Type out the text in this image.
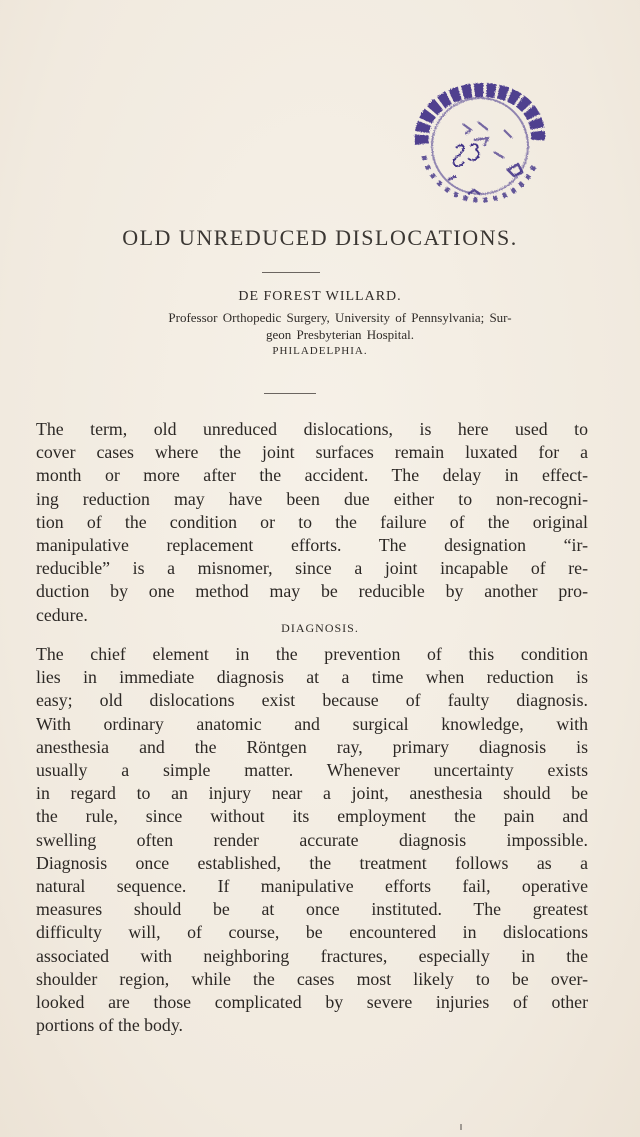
OLD UNREDUCED DISLOCATIONS.
DE FOREST WILLARD.
Professor Orthopedic Surgery, University of Pennsylvania; Sur-
geon Presbyterian Hospital.
PHILADELPHIA.

The term, old unreduced dislocations, is here used to
cover cases where the joint surfaces remain luxated for a
month or more after the accident. The delay in effect-
ing reduction may have been due either to non-recogni-
tion of the condition or to the failure of the original
manipulative replacement efforts. The designation “ir-
reducible” is a misnomer, since a joint incapable of re-
duction by one method may be reducible by another pro-
cedure.

DIAGNOSIS.

The chief element in the prevention of this condition
lies in immediate diagnosis at a time when reduction is
easy; old dislocations exist because of faulty diagnosis.
With ordinary anatomic and surgical knowledge, with
anesthesia and the Röntgen ray, primary diagnosis is
usually a simple matter. Whenever uncertainty exists
in regard to an injury near a joint, anesthesia should be
the rule, since without its employment the pain and
swelling often render accurate diagnosis impossible.
Diagnosis once established, the treatment follows as a
natural sequence. If manipulative efforts fail, operative
measures should be at once instituted. The greatest
difficulty will, of course, be encountered in dislocations
associated with neighboring fractures, especially in the
shoulder region, while the cases most likely to be over-
looked are those complicated by severe injuries of other
portions of the body.
